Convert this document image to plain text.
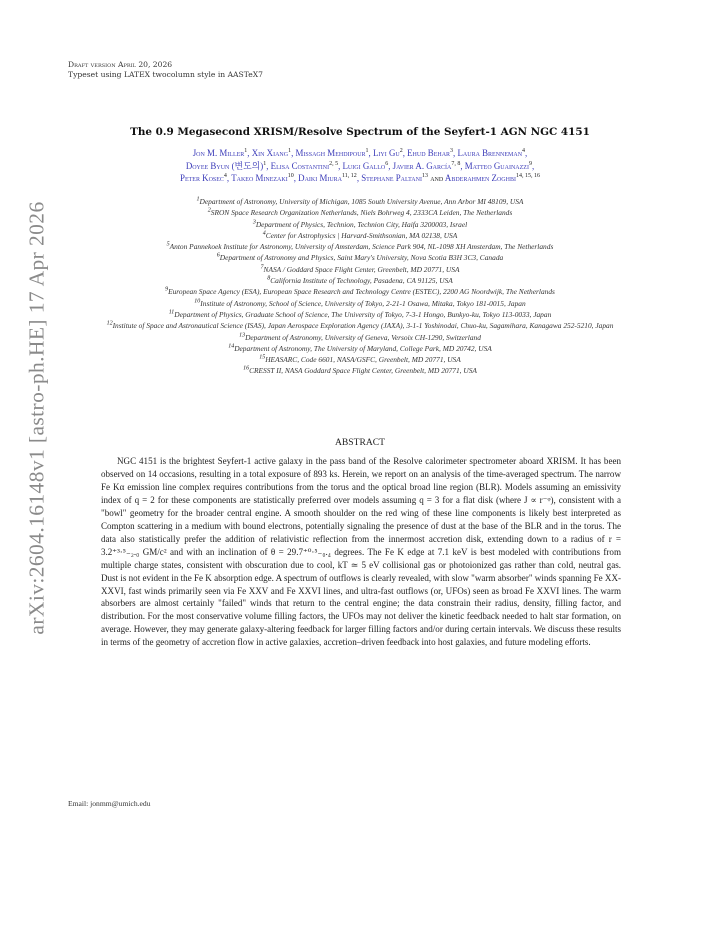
arXiv:2604.16148v1 [astro-ph.HE] 17 Apr 2026
Draft version April 20, 2026
Typeset using LATEX twocolumn style in AASTeX7
The 0.9 Megasecond XRISM/Resolve Spectrum of the Seyfert-1 AGN NGC 4151
Jon M. Miller$^1$, Xin Xiang$^1$, Missagh Mehdipour$^1$, Liyi Gu$^2$, Ehud Behar$^3$, Laura Brenneman$^4$,
Doyee Byun (변도의)$^1$, Elisa Costantini$^{2, 5}$, Luigi Gallo$^6$, Javier A. García$^{7, 8}$, Matteo Guainazzi$^9$,
Peter Kosec$^4$, Takeo Minezaki$^{10}$, Daiki Miura$^{11, 12}$, Stephane Paltani$^{13}$ and Abderahmen Zoghbi$^{14, 15, 16}$
$^1$Department of Astronomy, University of Michigan, 1085 South University Avenue, Ann Arbor MI 48109, USA
$^2$SRON Space Research Organization Netherlands, Niels Bohrweg 4, 2333CA Leiden, The Netherlands
$^3$Department of Physics, Technion, Technion City, Haifa 3200003, Israel
$^4$Center for Astrophysics | Harvard-Smithsonian, MA 02138, USA
$^5$Anton Pannekoek Institute for Astronomy, University of Amsterdam, Science Park 904, NL-1098 XH Amsterdam, The Netherlands
$^6$Department of Astronomy and Physics, Saint Mary's University, Nova Scotia B3H 3C3, Canada
$^7$NASA / Goddard Space Flight Center, Greenbelt, MD 20771, USA
$^8$California Institute of Technology, Pasadena, CA 91125, USA
$^9$European Space Agency (ESA), European Space Research and Technology Centre (ESTEC), 2200 AG Noordwijk, The Netherlands
$^{10}$Institute of Astronomy, School of Science, University of Tokyo, 2-21-1 Osawa, Mitaka, Tokyo 181-0015, Japan
$^{11}$Department of Physics, Graduate School of Science, The University of Tokyo, 7-3-1 Hongo, Bunkyo-ku, Tokyo 113-0033, Japan
$^{12}$Institute of Space and Astronautical Science (ISAS), Japan Aerospace Exploration Agency (JAXA), 3-1-1 Yoshinodai, Chuo-ku, Sagamihara, Kanagawa 252-5210, Japan
$^{13}$Department of Astronomy, University of Geneva, Versoix CH-1290, Switzerland
$^{14}$Department of Astronomy, The University of Maryland, College Park, MD 20742, USA
$^{15}$HEASARC, Code 6601, NASA/GSFC, Greenbelt, MD 20771, USA
$^{16}$CRESST II, NASA Goddard Space Flight Center, Greenbelt, MD 20771, USA
ABSTRACT
NGC 4151 is the brightest Seyfert-1 active galaxy in the pass band of the Resolve calorimeter spectrometer aboard XRISM. It has been observed on 14 occasions, resulting in a total exposure of 893 ks. Herein, we report on an analysis of the time-averaged spectrum. The narrow Fe Kα emission line complex requires contributions from the torus and the optical broad line region (BLR). Models assuming an emissivity index of q = 2 for these components are statistically preferred over models assuming q = 3 for a flat disk (where J ∝ r⁻ᵠ), consistent with a "bowl" geometry for the broader central engine. A smooth shoulder on the red wing of these line components is likely best interpreted as Compton scattering in a medium with bound electrons, potentially signaling the presence of dust at the base of the BLR and in the torus. The data also statistically prefer the addition of relativistic reflection from the innermost accretion disk, extending down to a radius of r = 3.2⁺³·⁵₋₂.₀ GM/c² and with an inclination of θ = 29.7⁺⁰·⁵₋₀.₄ degrees. The Fe K edge at 7.1 keV is best modeled with contributions from multiple charge states, consistent with obscuration due to cool, kT ≃ 5 eV collisional gas or photoionized gas rather than cold, neutral gas. Dust is not evident in the Fe K absorption edge. A spectrum of outflows is clearly revealed, with slow "warm absorber" winds spanning Fe XX-XXVI, fast winds primarily seen via Fe XXV and Fe XXVI lines, and ultra-fast outflows (or, UFOs) seen as broad Fe XXVI lines. The warm absorbers are almost certainly "failed" winds that return to the central engine; the data constrain their radius, density, filling factor, and distribution. For the most conservative volume filling factors, the UFOs may not deliver the kinetic feedback needed to halt star formation, on average. However, they may generate galaxy-altering feedback for larger filling factors and/or during certain intervals. We discuss these results in terms of the geometry of accretion flow in active galaxies, accretion–driven feedback into host galaxies, and future modeling efforts.
Email: jonmm@umich.edu
